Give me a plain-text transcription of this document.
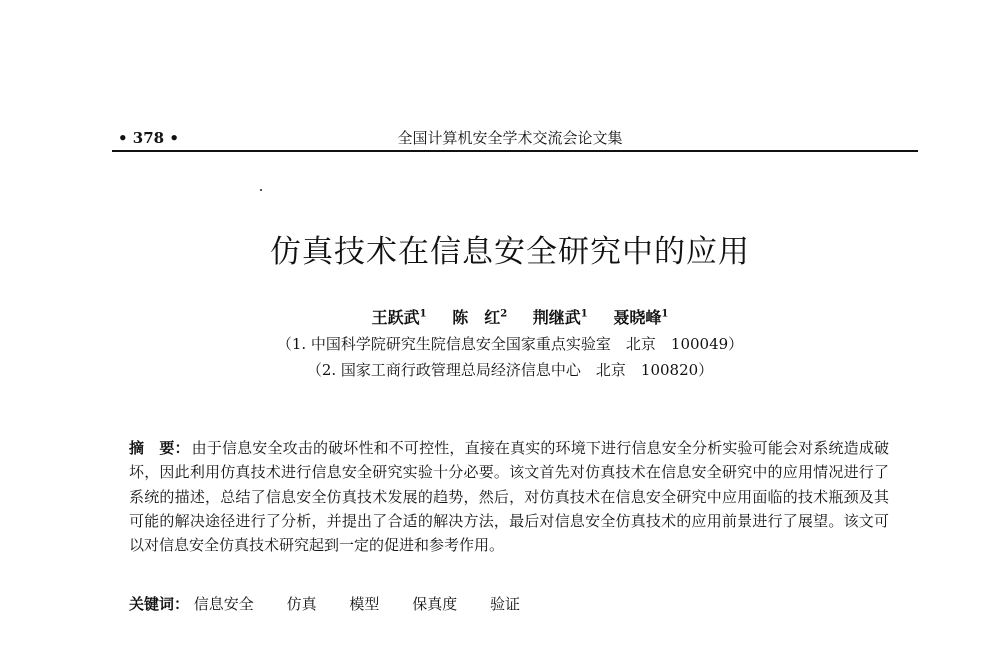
• 378 •	全国计算机安全学术交流会论文集
仿真技术在信息安全研究中的应用
王跃武$^1$ 陈　红$^2$ 荆继武$^1$ 聂晓峰$^1$
（1. 中国科学院研究生院信息安全国家重点实验室　北京　100049）
（2. 国家工商行政管理总局经济信息中心　北京　100820）
摘　要： 由于信息安全攻击的破坏性和不可控性，直接在真实的环境下进行信息安全分析实验可能会对系统造成破坏，因此利用仿真技术进行信息安全研究实验十分必要。该文首先对仿真技术在信息安全研究中的应用情况进行了系统的描述，总结了信息安全仿真技术发展的趋势，然后，对仿真技术在信息安全研究中应用面临的技术瓶颈及其可能的解决途径进行了分析，并提出了合适的解决方法，最后对信息安全仿真技术的应用前景进行了展望。该文可以对信息安全仿真技术研究起到一定的促进和参考作用。
关键词： 信息安全 仿真 模型 保真度 验证
